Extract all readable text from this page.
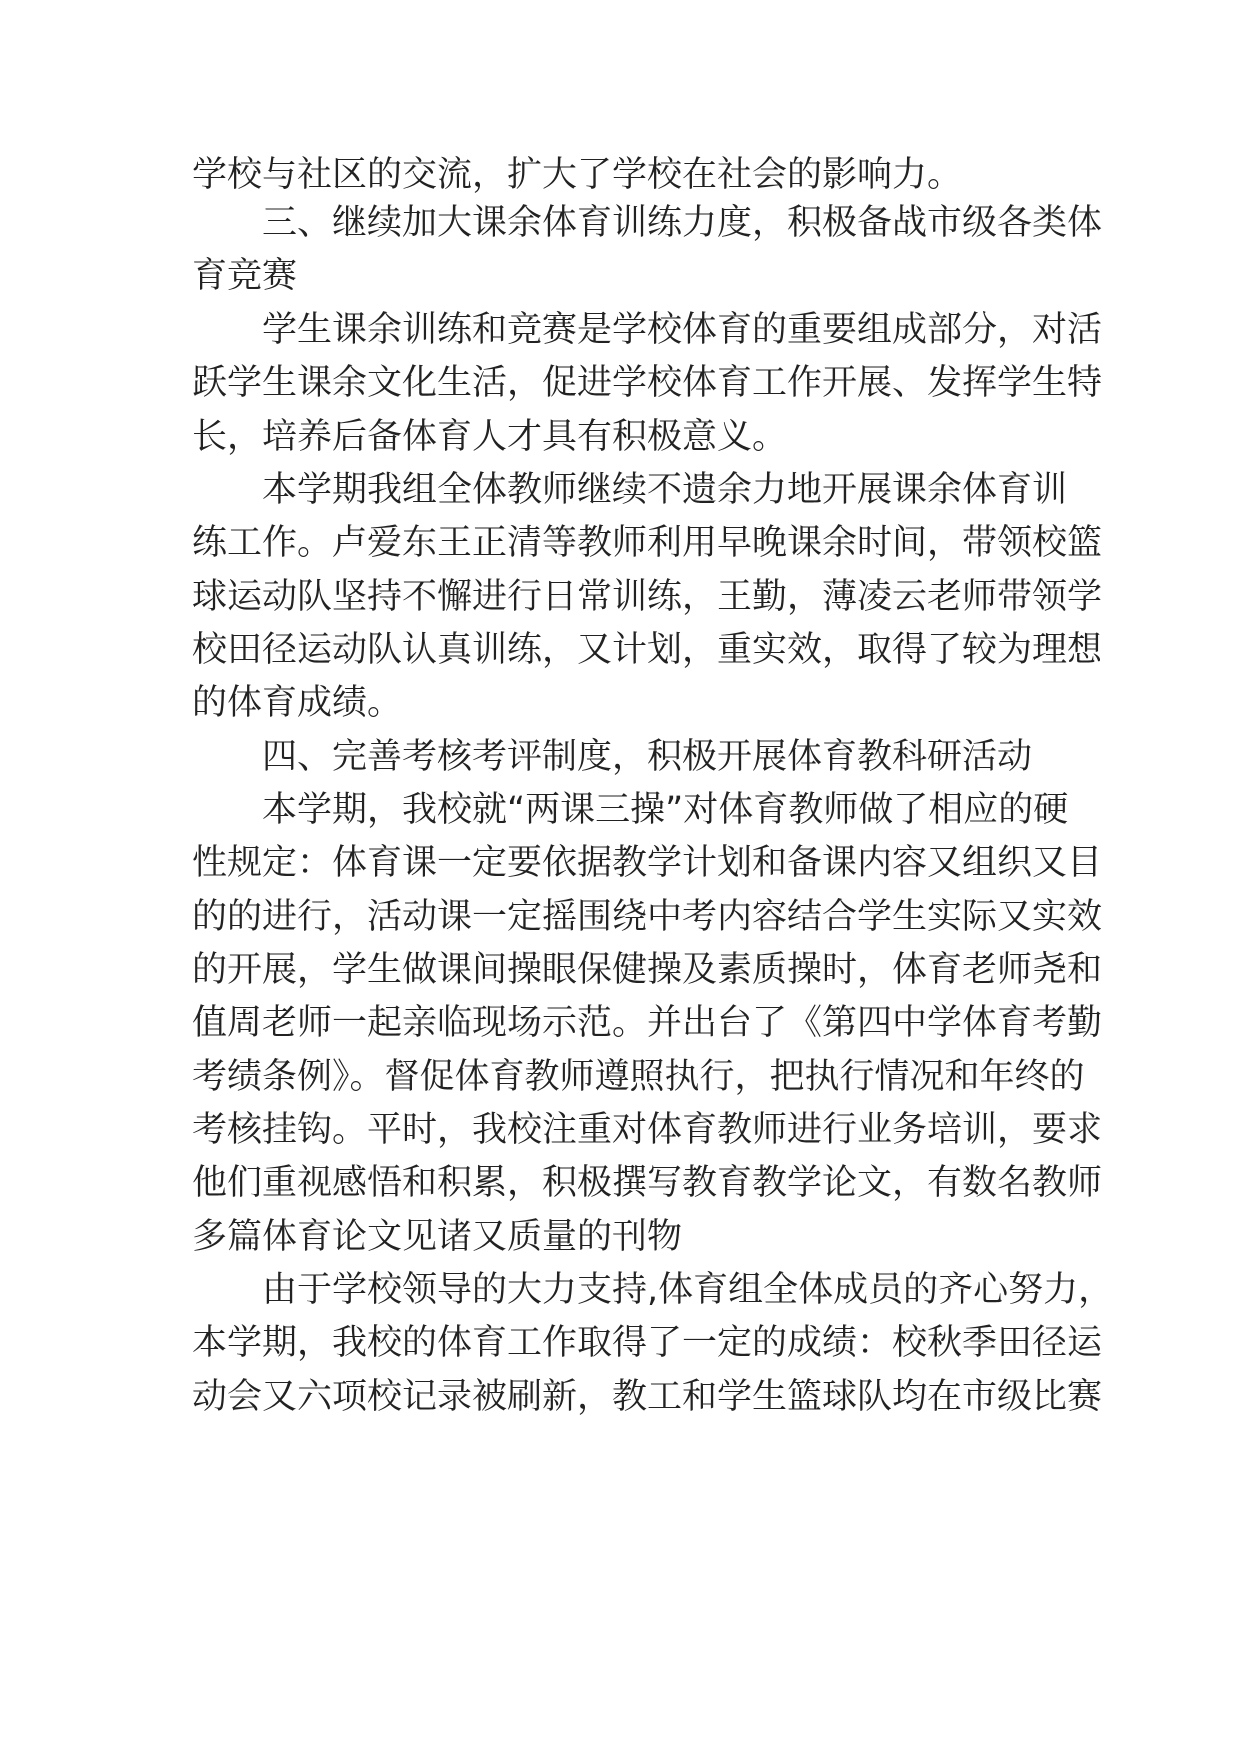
学校与社区的交流，扩大了学校在社会的影响力。
三、继续加大课余体育训练力度，积极备战市级各类体
育竞赛
学生课余训练和竞赛是学校体育的重要组成部分，对活
跃学生课余文化生活，促进学校体育工作开展、发挥学生特
长，培养后备体育人才具有积极意义。
本学期我组全体教师继续不遗余力地开展课余体育训
练工作。卢爱东王正清等教师利用早晚课余时间，带领校篮
球运动队坚持不懈进行日常训练，王勤，薄凌云老师带领学
校田径运动队认真训练，又计划，重实效，取得了较为理想
的体育成绩。
四、完善考核考评制度，积极开展体育教科研活动
本学期，我校就“两课三操”对体育教师做了相应的硬
性规定：体育课一定要依据教学计划和备课内容又组织又目
的的进行，活动课一定摇围绕中考内容结合学生实际又实效
的开展，学生做课间操眼保健操及素质操时，体育老师尧和
值周老师一起亲临现场示范。并出台了《第四中学体育考勤
考绩条例》。督促体育教师遵照执行，把执行情况和年终的
考核挂钩。平时，我校注重对体育教师进行业务培训，要求
他们重视感悟和积累，积极撰写教育教学论文，有数名教师
多篇体育论文见诸又质量的刊物
由于学校领导的大力支持,体育组全体成员的齐心努力，
本学期，我校的体育工作取得了一定的成绩：校秋季田径运
动会又六项校记录被刷新，教工和学生篮球队均在市级比赛
